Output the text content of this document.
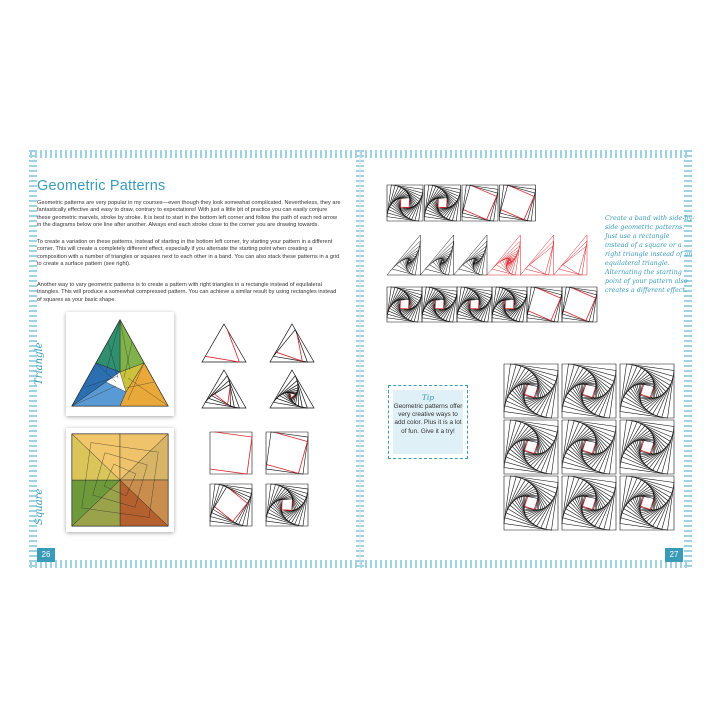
Geometric Patterns

Geometric patterns are very popular in my courses—even though they look somewhat complicated. Nevertheless, they are fantastically effective and easy to draw, contrary to expectations! With just a little bit of practice you can easily conjure these geometric marvels, stroke by stroke. It is best to start in the bottom left corner and follow the path of each red arrow in the diagrams below one line after another. Always end each stroke close to the corner you are drawing towards.

To create a variation on these patterns, instead of starting in the bottom left corner, try starting your pattern in a different corner. This will create a completely different effect, especially if you alternate the starting point when creating a composition with a number of triangles or squares next to each other in a band. You can also stack these patterns in a grid to create a surface pattern (see right).

Another way to vary geometric patterns is to create a pattern with right triangles in a rectangle instead of equilateral triangles. This will produce a somewhat compressed pattern. You can achieve a similar result by using rectangles instead of squares as your basic shape.

Triangle
Square

Create a band with side-by-side geometric patterns. Just use a rectangle instead of a square or a right triangle instead of an equilateral triangle. Alternating the starting point of your pattern also creates a different effect.

Tip
Geometric patterns offer very creative ways to add color. Plus it is a lot of fun. Give it a try!
26	27
